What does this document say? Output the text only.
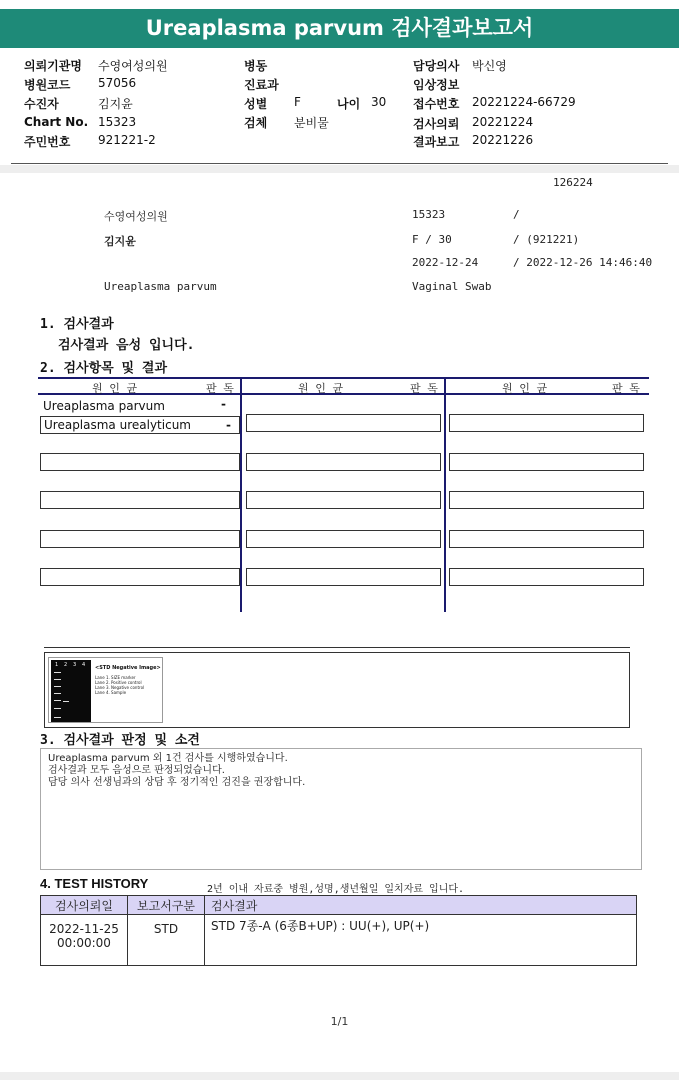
Ureaplasma parvum 검사결과보고서
의뢰기관명 수영여성의원
병원코드 57056
수진자	김지윤
Chart No. 15323
주민번호 921221-2
병동
진료과
성별 F	나이 30
검체 분비물
담당의사 박신영
임상정보
접수번호 20221224-66729
검사의뢰 20221224
결과보고 20221226
126224
수영여성의원	15323	/
김지윤	F / 30	/ (921221)
2022-12-24	/ 2022-12-26 14:46:40
Ureaplasma parvum	Vaginal Swab
1. 검사결과
검사결과 음성 입니다.
2. 검사항목 및 결과
원 인 균	판 독	원 인 균	판 독	원 인 균	판 독
Ureaplasma parvum	-
Ureaplasma urealyticum	-
1 2 3 4 <STD Negative Image>
Lane 1. SIZE marker
Lane 2. Positive control
Lane 3. Negative control
Lane 4. Sample
3. 검사결과 판정 및 소견
Ureaplasma parvum 외 1건 검사를 시행하였습니다.
검사결과 모두 음성으로 판정되었습니다.
담당 의사 선생님과의 상담 후 정기적인 검진을 권장합니다.
4. TEST HISTORY	2년 이내 자료중 병원,성명,생년월일 일치자료 입니다.
검사의뢰일	보고서구분	검사결과

2022-11-25
00:00:00	STD	STD 7종-A (6종B+UP) : UU(+), UP(+)
1/1
